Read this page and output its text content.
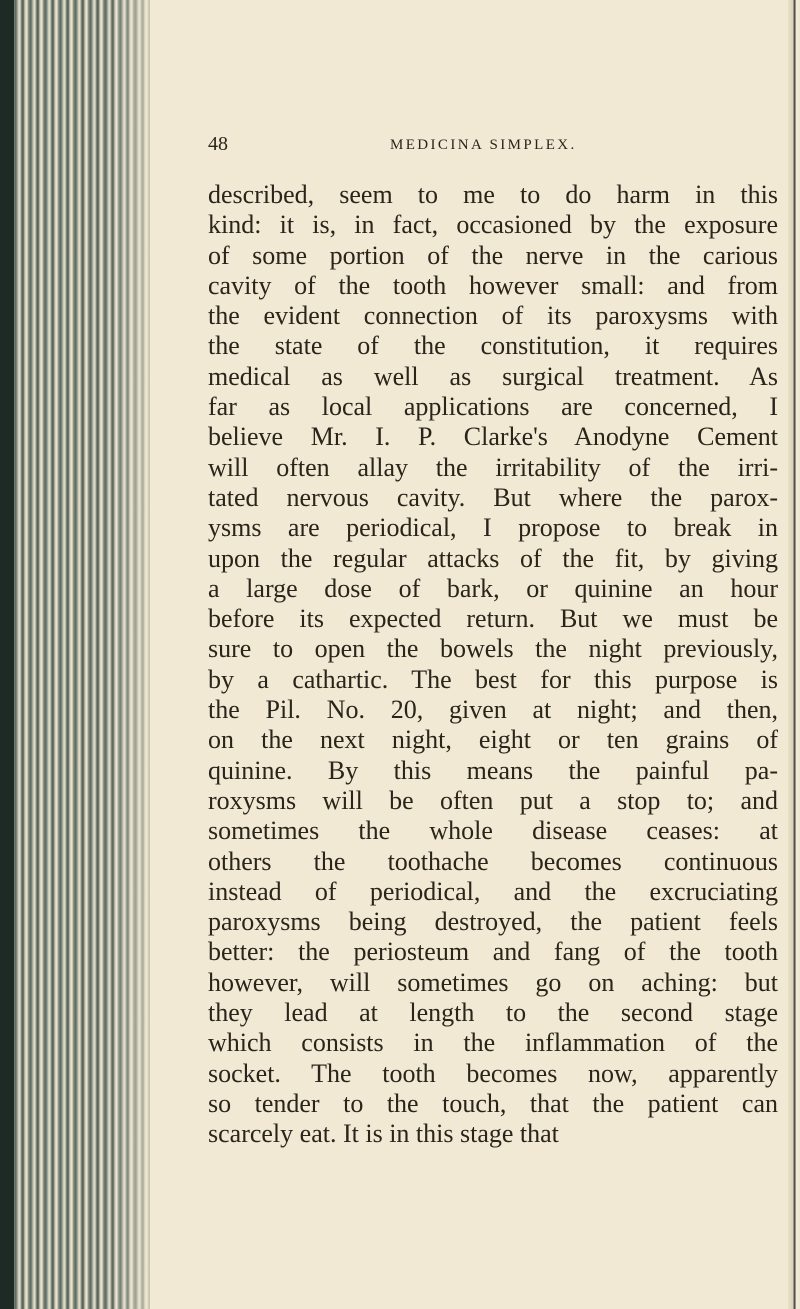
48	MEDICINA SIMPLEX.
described, seem to me to do harm in this
kind: it is, in fact, occasioned by the exposure
of some portion of the nerve in the carious
cavity of the tooth however small: and from
the evident connection of its paroxysms with
the state of the constitution, it requires
medical as well as surgical treatment. As
far as local applications are concerned, I
believe Mr. I. P. Clarke's Anodyne Cement
will often allay the irritability of the irri-
tated nervous cavity. But where the parox-
ysms are periodical, I propose to break in
upon the regular attacks of the fit, by giving
a large dose of bark, or quinine an hour
before its expected return. But we must be
sure to open the bowels the night previously,
by a cathartic. The best for this purpose is
the Pil. No. 20, given at night; and then,
on the next night, eight or ten grains of
quinine. By this means the painful pa-
roxysms will be often put a stop to; and
sometimes the whole disease ceases: at
others the toothache becomes continuous
instead of periodical, and the excruciating
paroxysms being destroyed, the patient feels
better: the periosteum and fang of the tooth
however, will sometimes go on aching: but
they lead at length to the second stage
which consists in the inflammation of the
socket. The tooth becomes now, apparently
so tender to the touch, that the patient can
scarcely eat. It is in this stage that
